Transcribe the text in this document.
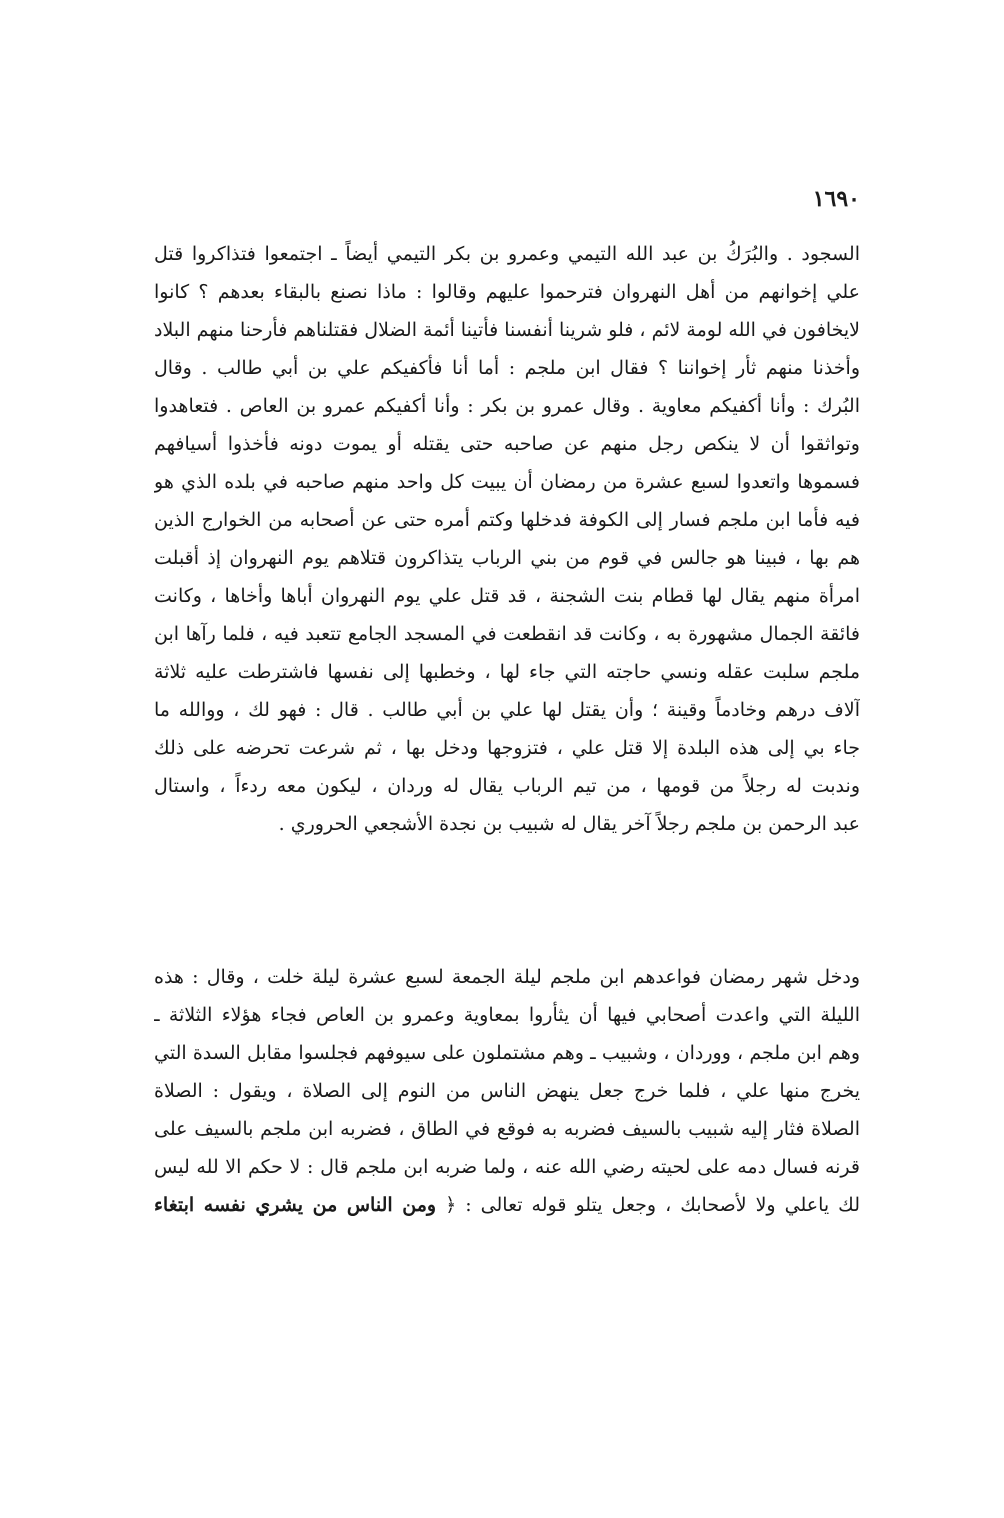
١٦٩٠
السجود . والبُرَكُ بن عبد الله التيمي وعمرو بن بكر التيمي أيضاً ـ اجتمعوا فتذاكروا قتل
علي إخوانهم من أهل النهروان فترحموا عليهم وقالوا : ماذا نصنع بالبقاء بعدهم ؟ كانوا
لايخافون في الله لومة لائم ، فلو شرينا أنفسنا فأتينا أئمة الضلال فقتلناهم فأرحنا منهم البلاد
وأخذنا منهم ثأر إخواننا ؟ فقال ابن ملجم : أما أنا فأكفيكم علي بن أبي طالب . وقال
البُرك : وأنا أكفيكم معاوية . وقال عمرو بن بكر : وأنا أكفيكم عمرو بن العاص . فتعاهدوا
وتواثقوا أن لا ينكص رجل منهم عن صاحبه حتى يقتله أو يموت دونه فأخذوا أسيافهم
فسموها واتعدوا لسبع عشرة من رمضان أن يبيت كل واحد منهم صاحبه في بلده الذي هو
فيه فأما ابن ملجم فسار إلى الكوفة فدخلها وكتم أمره حتى عن أصحابه من الخوارج الذين
هم بها ، فبينا هو جالس في قوم من بني الرباب يتذاكرون قتلاهم يوم النهروان إذ أقبلت
امرأة منهم يقال لها قطام بنت الشجنة ، قد قتل علي يوم النهروان أباها وأخاها ، وكانت
فائقة الجمال مشهورة به ، وكانت قد انقطعت في المسجد الجامع تتعبد فيه ، فلما رآها ابن
ملجم سلبت عقله ونسي حاجته التي جاء لها ، وخطبها إلى نفسها فاشترطت عليه ثلاثة
آلاف درهم وخادماً وقينة ؛ وأن يقتل لها علي بن أبي طالب . قال : فهو لك ، ووالله ما
جاء بي إلى هذه البلدة إلا قتل علي ، فتزوجها ودخل بها ، ثم شرعت تحرضه على ذلك
وندبت له رجلاً من قومها ، من تيم الرباب يقال له وردان ، ليكون معه ردءاً ، واستال
عبد الرحمن بن ملجم رجلاً آخر يقال له شبيب بن نجدة الأشجعي الحروري .
ودخل شهر رمضان فواعدهم ابن ملجم ليلة الجمعة لسبع عشرة ليلة خلت ، وقال : هذه
الليلة التي واعدت أصحابي فيها أن يثأروا بمعاوية وعمرو بن العاص فجاء هؤلاء الثلاثة ـ
وهم ابن ملجم ، ووردان ، وشبيب ـ وهم مشتملون على سيوفهم فجلسوا مقابل السدة التي
يخرج منها علي ، فلما خرج جعل ينهض الناس من النوم إلى الصلاة ، ويقول : الصلاة
الصلاة فثار إليه شبيب بالسيف فضربه به فوقع في الطاق ، فضربه ابن ملجم بالسيف على
قرنه فسال دمه على لحيته رضي الله عنه ، ولما ضربه ابن ملجم قال : لا حكم الا لله ليس
لك ياعلي ولا لأصحابك ، وجعل يتلو قوله تعالى : ﴿ ومن الناس من يشري نفسه ابتغاء
